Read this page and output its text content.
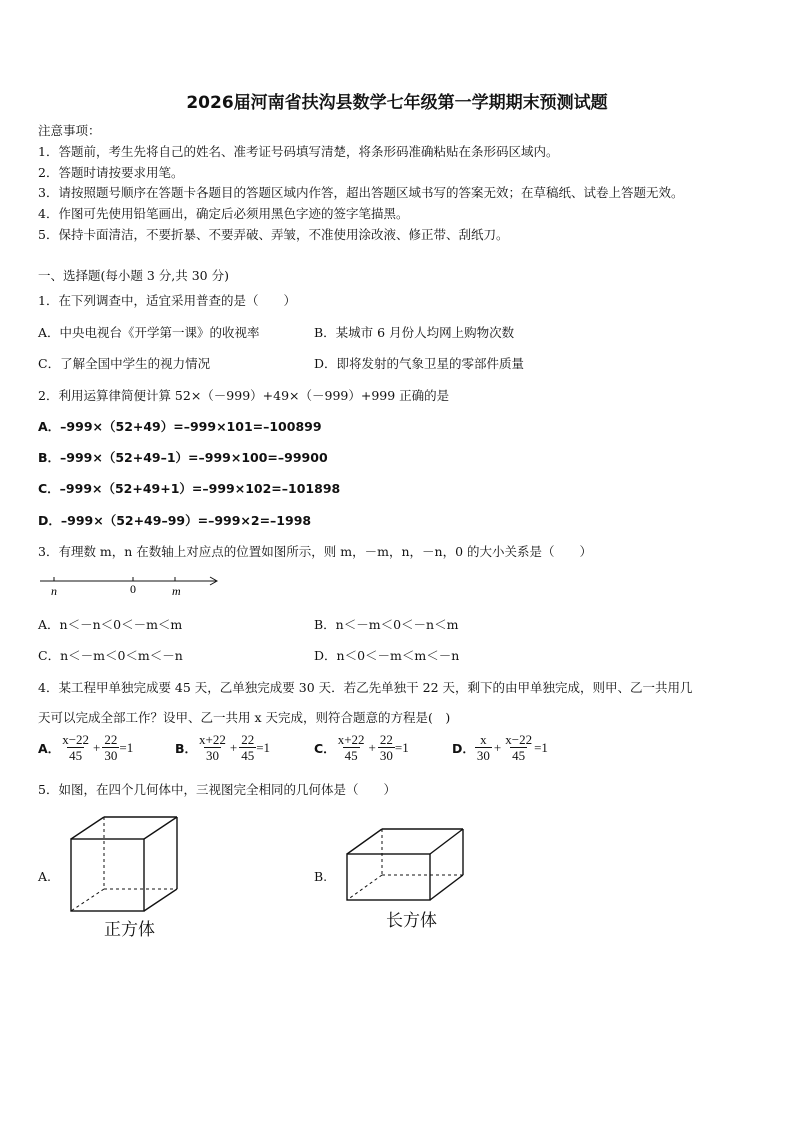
2026届河南省扶沟县数学七年级第一学期期末预测试题
注意事项：
1．答题前，考生先将自己的姓名、准考证号码填写清楚，将条形码准确粘贴在条形码区域内。
2．答题时请按要求用笔。
3．请按照题号顺序在答题卡各题目的答题区域内作答，超出答题区域书写的答案无效；在草稿纸、试卷上答题无效。
4．作图可先使用铅笔画出，确定后必须用黑色字迹的签字笔描黑。
5．保持卡面清洁，不要折暴、不要弄破、弄皱，不准使用涂改液、修正带、刮纸刀。
一、选择题(每小题 3 分,共 30 分)
1．在下列调查中，适宜采用普查的是（　　）
A．中央电视台《开学第一课》的收视率	B．某城市 6 月份人均网上购物次数
C．了解全国中学生的视力情况	D．即将发射的气象卫星的零部件质量
2．利用运算律简便计算 52×（－999）+49×（－999）+999 正确的是
A．–999×（52+49）=–999×101=–100899
B．–999×（52+49–1）=–999×100=–99900
C．–999×（52+49+1）=–999×102=–101898
D．–999×（52+49–99）=–999×2=–1998
3．有理数 m，n 在数轴上对应点的位置如图所示，则 m，－m，n，－n，0 的大小关系是（　　）
n	0	m
A．n＜－n＜0＜－m＜m	B．n＜－m＜0＜－n＜m
C．n＜－m＜0＜m＜－n	D．n＜0＜－m＜m＜－n
4．某工程甲单独完成要 45 天，乙单独完成要 30 天．若乙先单独干 22 天，剩下的由甲单独完成，则甲、乙一共用几
天可以完成全部工作？设甲、乙一共用 x 天完成，则符合题意的方程是(　)
A． $\frac{x-22}{45} + \frac{22}{30} =1$	B． $\frac{x+22}{30} + \frac{22}{45} =1$	C． $\frac{x+22}{45} + \frac{22}{30} =1$	D． $\frac{x}{30} + \frac{x-22}{45} =1$
5．如图，在四个几何体中，三视图完全相同的几何体是（　　）
A.
正方体
B.
长方体
